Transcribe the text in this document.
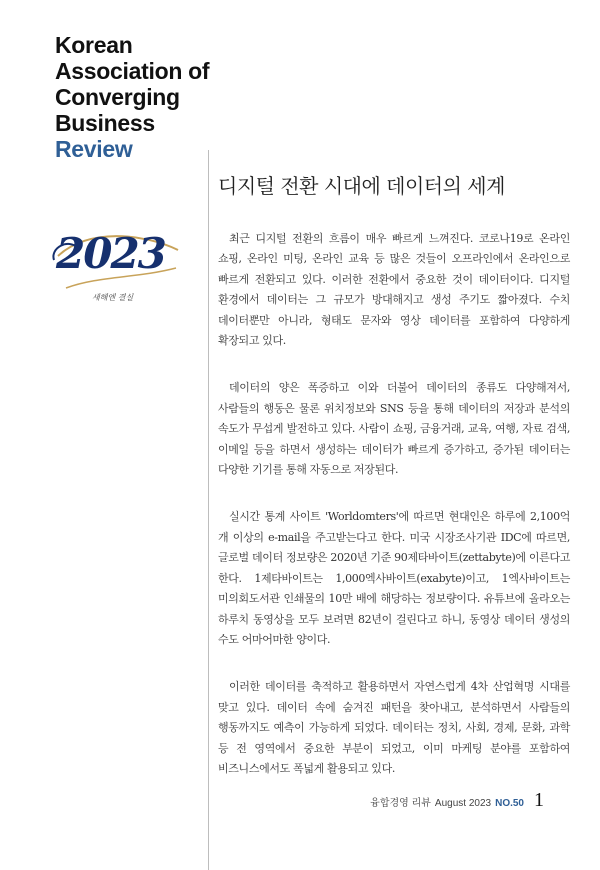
Korean
Association of
Converging
Business
Review
2023
새해엔 결실
디지털 전환 시대에 데이터의 세계

최근 디지털 전환의 흐름이 매우 빠르게 느껴진다. 코로나19로 온라인 쇼핑, 온라인 미팅, 온라인 교육 등 많은 것들이 오프라인에서 온라인으로 빠르게 전환되고 있다. 이러한 전환에서 중요한 것이 데이터이다. 디지털 환경에서 데이터는 그 규모가 방대해지고 생성 주기도 짧아졌다. 수치 데이터뿐만 아니라, 형태도 문자와 영상 데이터를 포함하여 다양하게 확장되고 있다.

데이터의 양은 폭증하고 이와 더불어 데이터의 종류도 다양해져서, 사람들의 행동은 물론 위치정보와 SNS 등을 통해 데이터의 저장과 분석의 속도가 무섭게 발전하고 있다. 사람이 쇼핑, 금융거래, 교육, 여행, 자료 검색, 이메일 등을 하면서 생성하는 데이터가 빠르게 증가하고, 증가된 데이터는 다양한 기기를 통해 자동으로 저장된다.

실시간 통계 사이트 'Worldomters'에 따르면 현대인은 하루에 2,100억 개 이상의 e-mail을 주고받는다고 한다. 미국 시장조사기관 IDC에 따르면, 글로벌 데이터 정보량은 2020년 기준 90제타바이트(zettabyte)에 이른다고 한다. 1제타바이트는 1,000엑사바이트(exabyte)이고, 1엑사바이트는 미의회도서관 인쇄물의 10만 배에 해당하는 정보량이다. 유튜브에 올라오는 하루치 동영상을 모두 보려면 82년이 걸린다고 하니, 동영상 데이터 생성의 수도 어마어마한 양이다.

이러한 데이터를 축적하고 활용하면서 자연스럽게 4차 산업혁명 시대를 맞고 있다. 데이터 속에 숨겨진 패턴을 찾아내고, 분석하면서 사람들의 행동까지도 예측이 가능하게 되었다. 데이터는 정치, 사회, 경제, 문화, 과학 등 전 영역에서 중요한 부분이 되었고, 이미 마케팅 분야를 포함하여 비즈니스에서도 폭넓게 활용되고 있다.

융합경영 리뷰 August 2023 NO.50 1
